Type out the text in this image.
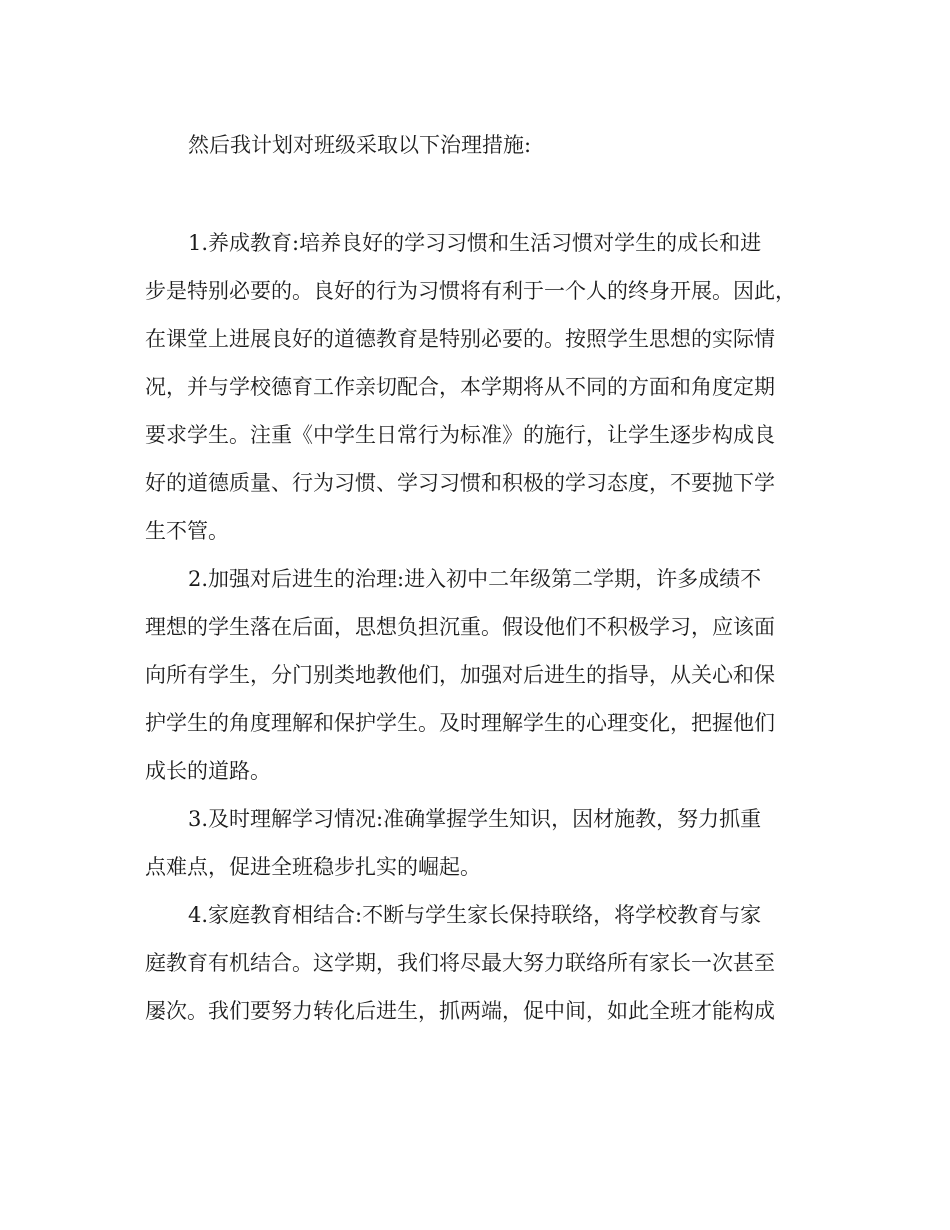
然后我计划对班级采取以下治理措施:
1.养成教育:培养良好的学习习惯和生活习惯对学生的成长和进
步是特别必要的。良好的行为习惯将有利于一个人的终身开展。因此，
在课堂上进展良好的道德教育是特别必要的。按照学生思想的实际情
况，并与学校德育工作亲切配合，本学期将从不同的方面和角度定期
要求学生。注重《中学生日常行为标准》的施行，让学生逐步构成良
好的道德质量、行为习惯、学习习惯和积极的学习态度，不要抛下学
生不管。
2.加强对后进生的治理:进入初中二年级第二学期，许多成绩不
理想的学生落在后面，思想负担沉重。假设他们不积极学习，应该面
向所有学生，分门别类地教他们，加强对后进生的指导，从关心和保
护学生的角度理解和保护学生。及时理解学生的心理变化，把握他们
成长的道路。
3.及时理解学习情况:准确掌握学生知识，因材施教，努力抓重
点难点，促进全班稳步扎实的崛起。
4.家庭教育相结合:不断与学生家长保持联络，将学校教育与家
庭教育有机结合。这学期，我们将尽最大努力联络所有家长一次甚至
屡次。我们要努力转化后进生，抓两端，促中间，如此全班才能构成
